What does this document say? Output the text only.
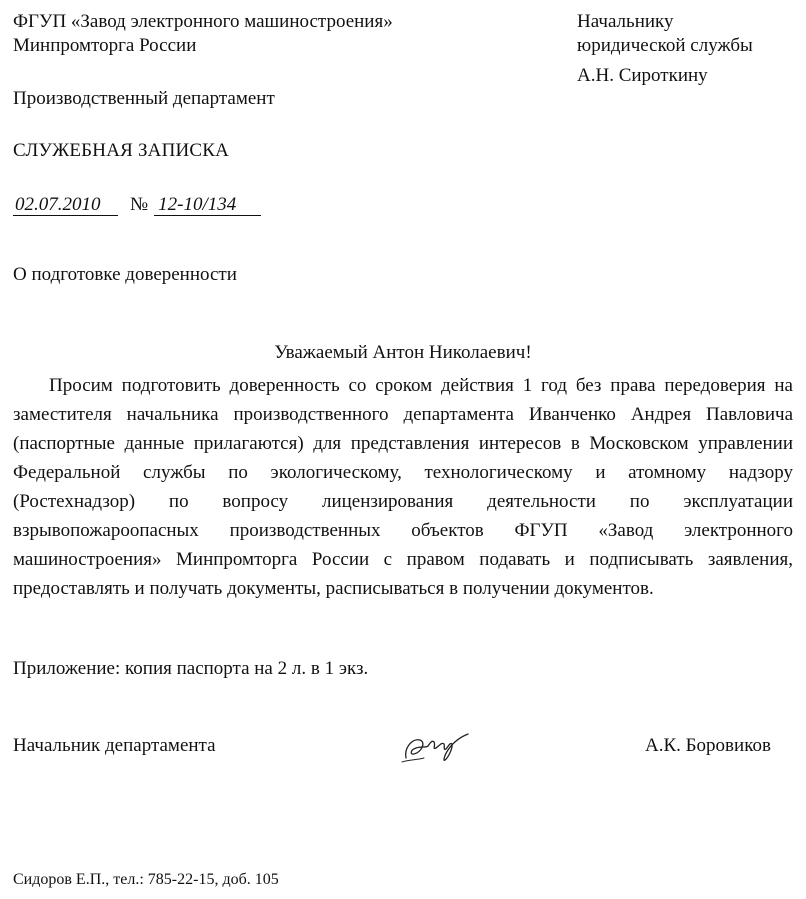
ФГУП «Завод электронного машиностроения»
Минпромторга России
Начальнику
юридической службы
А.Н. Сироткину
Производственный департамент
СЛУЖЕБНАЯ ЗАПИСКА
02.07.2010 № 12-10/134
О подготовке доверенности
Уважаемый Антон Николаевич!

Просим подготовить доверенность со сроком действия 1 год без права передоверия на заместителя начальника производственного департамента Иванченко Андрея Павловича (паспортные данные прилагаются) для представления интересов в Московском управлении Федеральной службы по экологическому, технологическому и атомному надзору (Ростехнадзор) по вопросу лицензирования деятельности по эксплуатации взрывопожароопасных производственных объектов ФГУП «Завод электронного машиностроения» Минпромторга России с правом подавать и подписывать заявления, предоставлять и получать документы, расписываться в получении документов.

Приложение: копия паспорта на 2 л. в 1 экз.
Начальник департамента	А.К. Боровиков
Сидоров Е.П., тел.: 785-22-15, доб. 105
